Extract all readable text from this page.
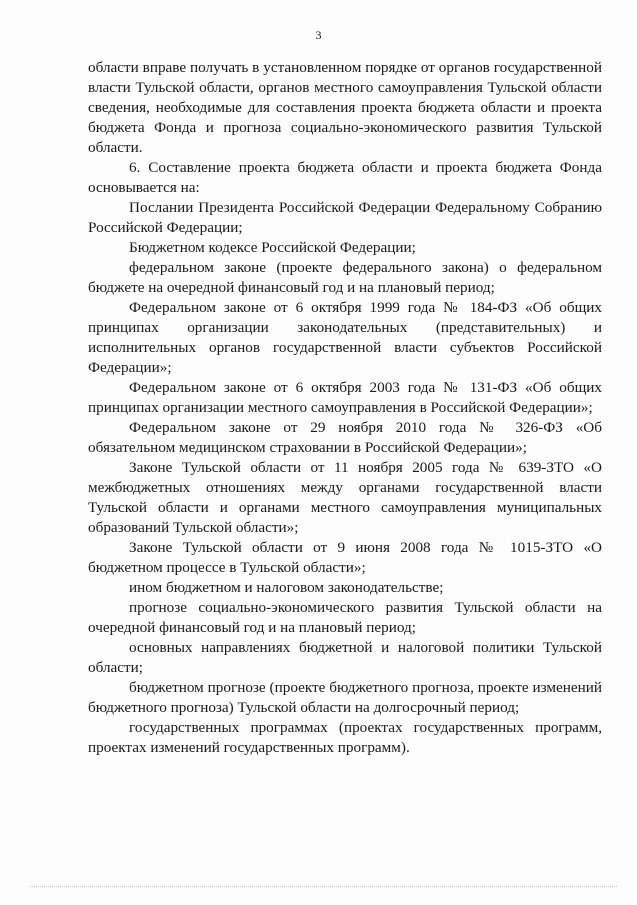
3

области вправе получать в установленном порядке от органов государственной власти Тульской области, органов местного самоуправления Тульской области сведения, необходимые для составления проекта бюджета области и проекта бюджета Фонда и прогноза социально-экономического развития Тульской области.

6. Составление проекта бюджета области и проекта бюджета Фонда основывается на:

Послании Президента Российской Федерации Федеральному Собранию Российской Федерации;

Бюджетном кодексе Российской Федерации;

федеральном законе (проекте федерального закона) о федеральном бюджете на очередной финансовый год и на плановый период;

Федеральном законе от 6 октября 1999 года № 184-ФЗ «Об общих принципах организации законодательных (представительных) и исполнительных органов государственной власти субъектов Российской Федерации»;

Федеральном законе от 6 октября 2003 года № 131-ФЗ «Об общих принципах организации местного самоуправления в Российской Федерации»;

Федеральном законе от 29 ноября 2010 года № 326-ФЗ «Об обязательном медицинском страховании в Российской Федерации»;

Законе Тульской области от 11 ноября 2005 года № 639-ЗТО «О межбюджетных отношениях между органами государственной власти Тульской области и органами местного самоуправления муниципальных образований Тульской области»;

Законе Тульской области от 9 июня 2008 года № 1015-ЗТО «О бюджетном процессе в Тульской области»;

ином бюджетном и налоговом законодательстве;

прогнозе социально-экономического развития Тульской области на очередной финансовый год и на плановый период;

основных направлениях бюджетной и налоговой политики Тульской области;

бюджетном прогнозе (проекте бюджетного прогноза, проекте изменений бюджетного прогноза) Тульской области на долгосрочный период;

государственных программах (проектах государственных программ, проектах изменений государственных программ).
